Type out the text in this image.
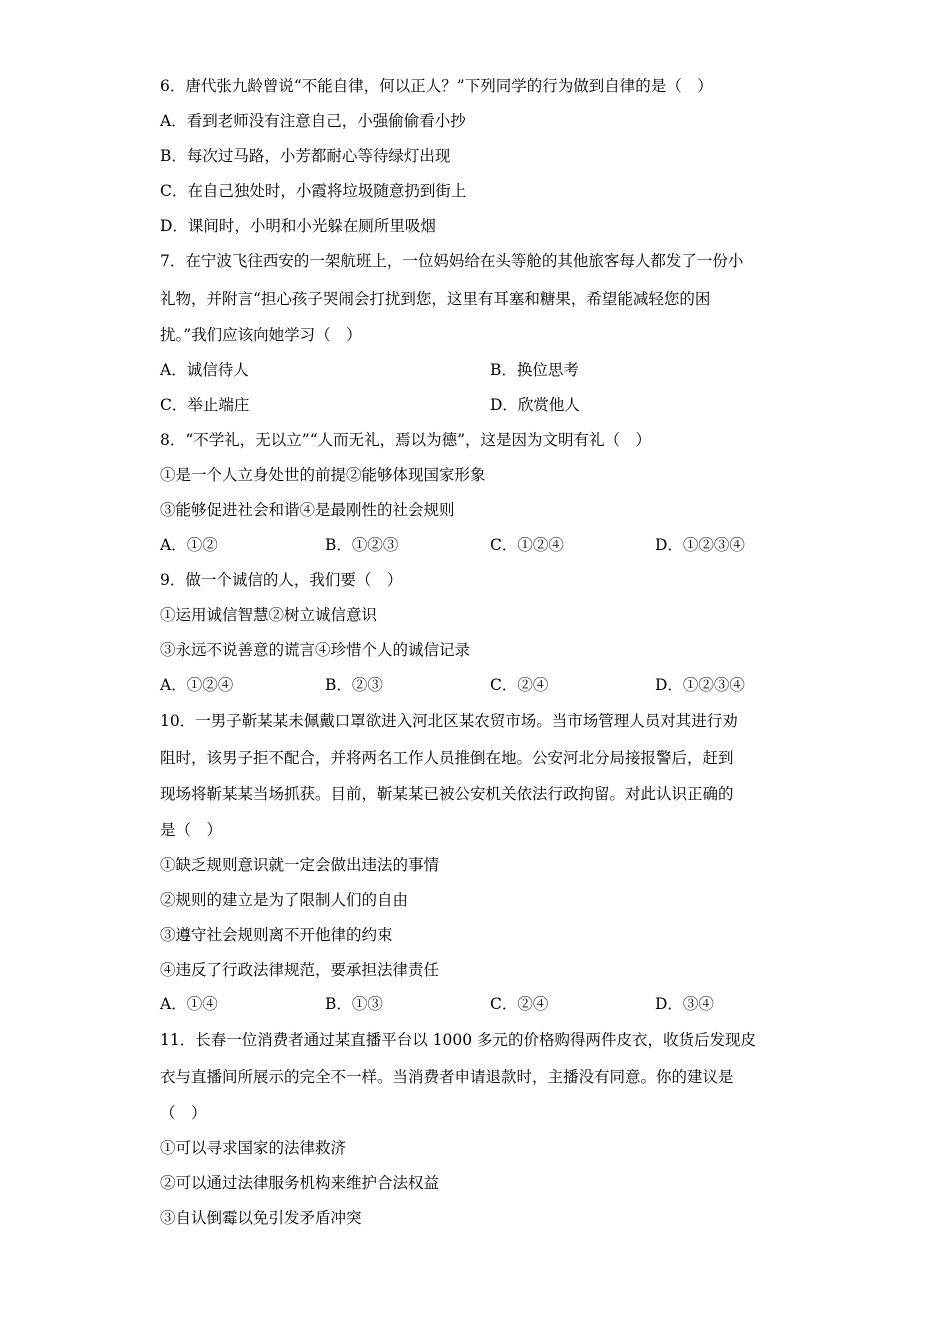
6．唐代张九龄曾说“不能自律，何以正人？”下列同学的行为做到自律的是（　）
A．看到老师没有注意自己，小强偷偷看小抄
B．每次过马路，小芳都耐心等待绿灯出现
C．在自己独处时，小霞将垃圾随意扔到街上
D．课间时，小明和小光躲在厕所里吸烟
7．在宁波飞往西安的一架航班上，一位妈妈给在头等舱的其他旅客每人都发了一份小
礼物，并附言“担心孩子哭闹会打扰到您，这里有耳塞和糖果，希望能减轻您的困
扰。”我们应该向她学习（　）
A．诚信待人	B．换位思考
C．举止端庄	D．欣赏他人
8．“不学礼，无以立”“人而无礼，焉以为德”，这是因为文明有礼（　）
①是一个人立身处世的前提②能够体现国家形象
③能够促进社会和谐④是最刚性的社会规则
A．①②	B．①②③	C．①②④	D．①②③④
9．做一个诚信的人，我们要（　）
①运用诚信智慧②树立诚信意识
③永远不说善意的谎言④珍惜个人的诚信记录
A．①②④	B．②③	C．②④	D．①②③④
10．一男子靳某某未佩戴口罩欲进入河北区某农贸市场。当市场管理人员对其进行劝
阻时，该男子拒不配合，并将两名工作人员推倒在地。公安河北分局接报警后，赶到
现场将靳某某当场抓获。目前，靳某某已被公安机关依法行政拘留。对此认识正确的
是（　）
①缺乏规则意识就一定会做出违法的事情
②规则的建立是为了限制人们的自由
③遵守社会规则离不开他律的约束
④违反了行政法律规范，要承担法律责任
A．①④	B．①③	C．②④	D．③④
11．长春一位消费者通过某直播平台以 1000 多元的价格购得两件皮衣，收货后发现皮
衣与直播间所展示的完全不一样。当消费者申请退款时，主播没有同意。你的建议是
（　）
①可以寻求国家的法律救济
②可以通过法律服务机构来维护合法权益
③自认倒霉以免引发矛盾冲突
